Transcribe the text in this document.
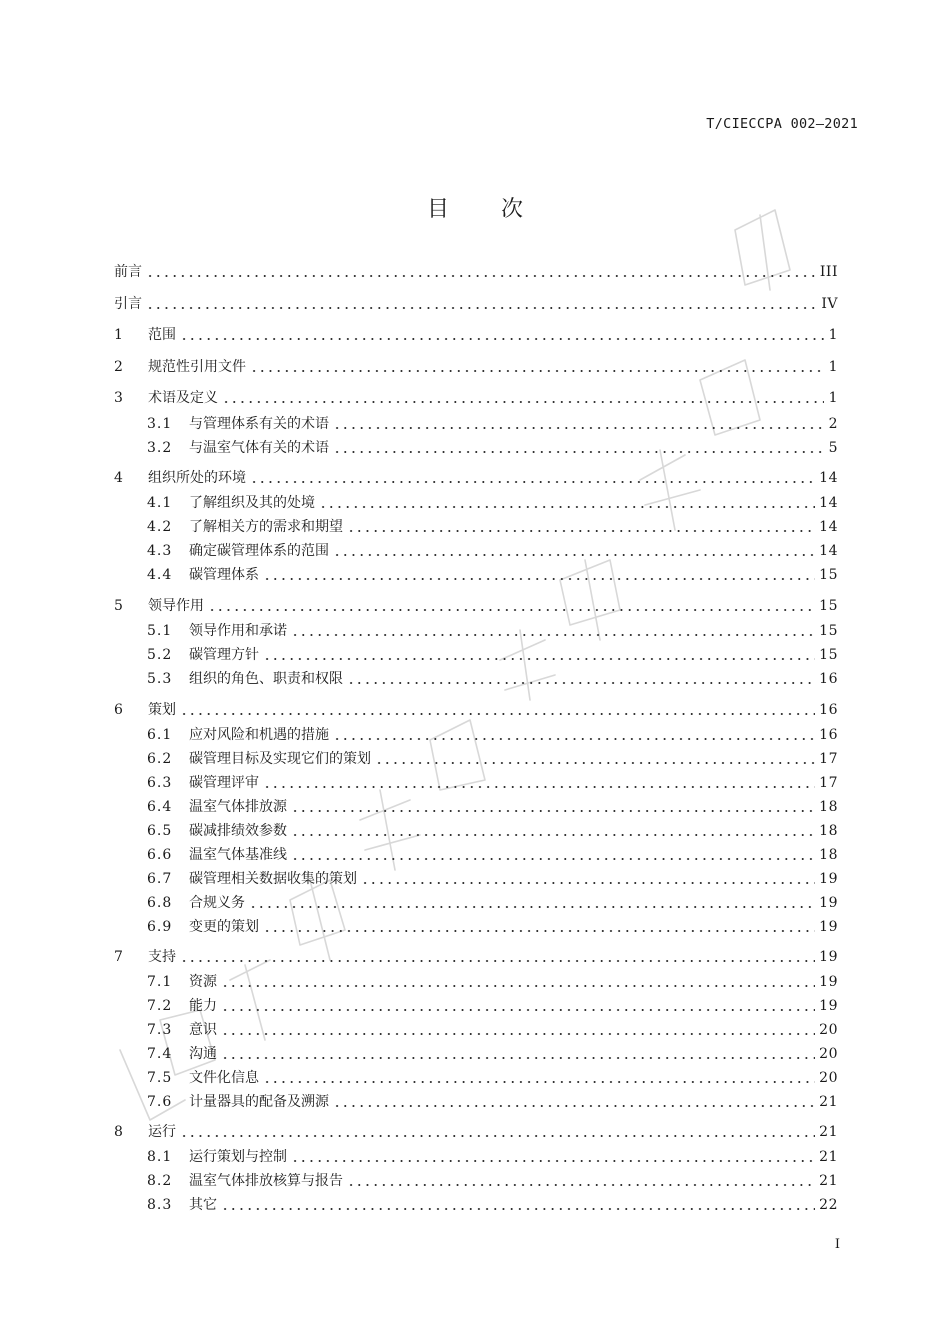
T/CIECCPA 002—2021
目次
前言	III
引言	IV
1	范围	1
2	规范性引用文件	1
3	术语及定义	1
3.1	与管理体系有关的术语	2
3.2	与温室气体有关的术语	5
4	组织所处的环境	14
4.1	了解组织及其的处境	14
4.2	了解相关方的需求和期望	14
4.3	确定碳管理体系的范围	14
4.4	碳管理体系	15
5	领导作用	15
5.1	领导作用和承诺	15
5.2	碳管理方针	15
5.3	组织的角色、职责和权限	16
6	策划	16
6.1	应对风险和机遇的措施	16
6.2	碳管理目标及实现它们的策划	17
6.3	碳管理评审	17
6.4	温室气体排放源	18
6.5	碳减排绩效参数	18
6.6	温室气体基准线	18
6.7	碳管理相关数据收集的策划	19
6.8	合规义务	19
6.9	变更的策划	19
7	支持	19
7.1	资源	19
7.2	能力	19
7.3	意识	20
7.4	沟通	20
7.5	文件化信息	20
7.6	计量器具的配备及溯源	21
8	运行	21
8.1	运行策划与控制	21
8.2	温室气体排放核算与报告	21
8.3	其它	22
I
